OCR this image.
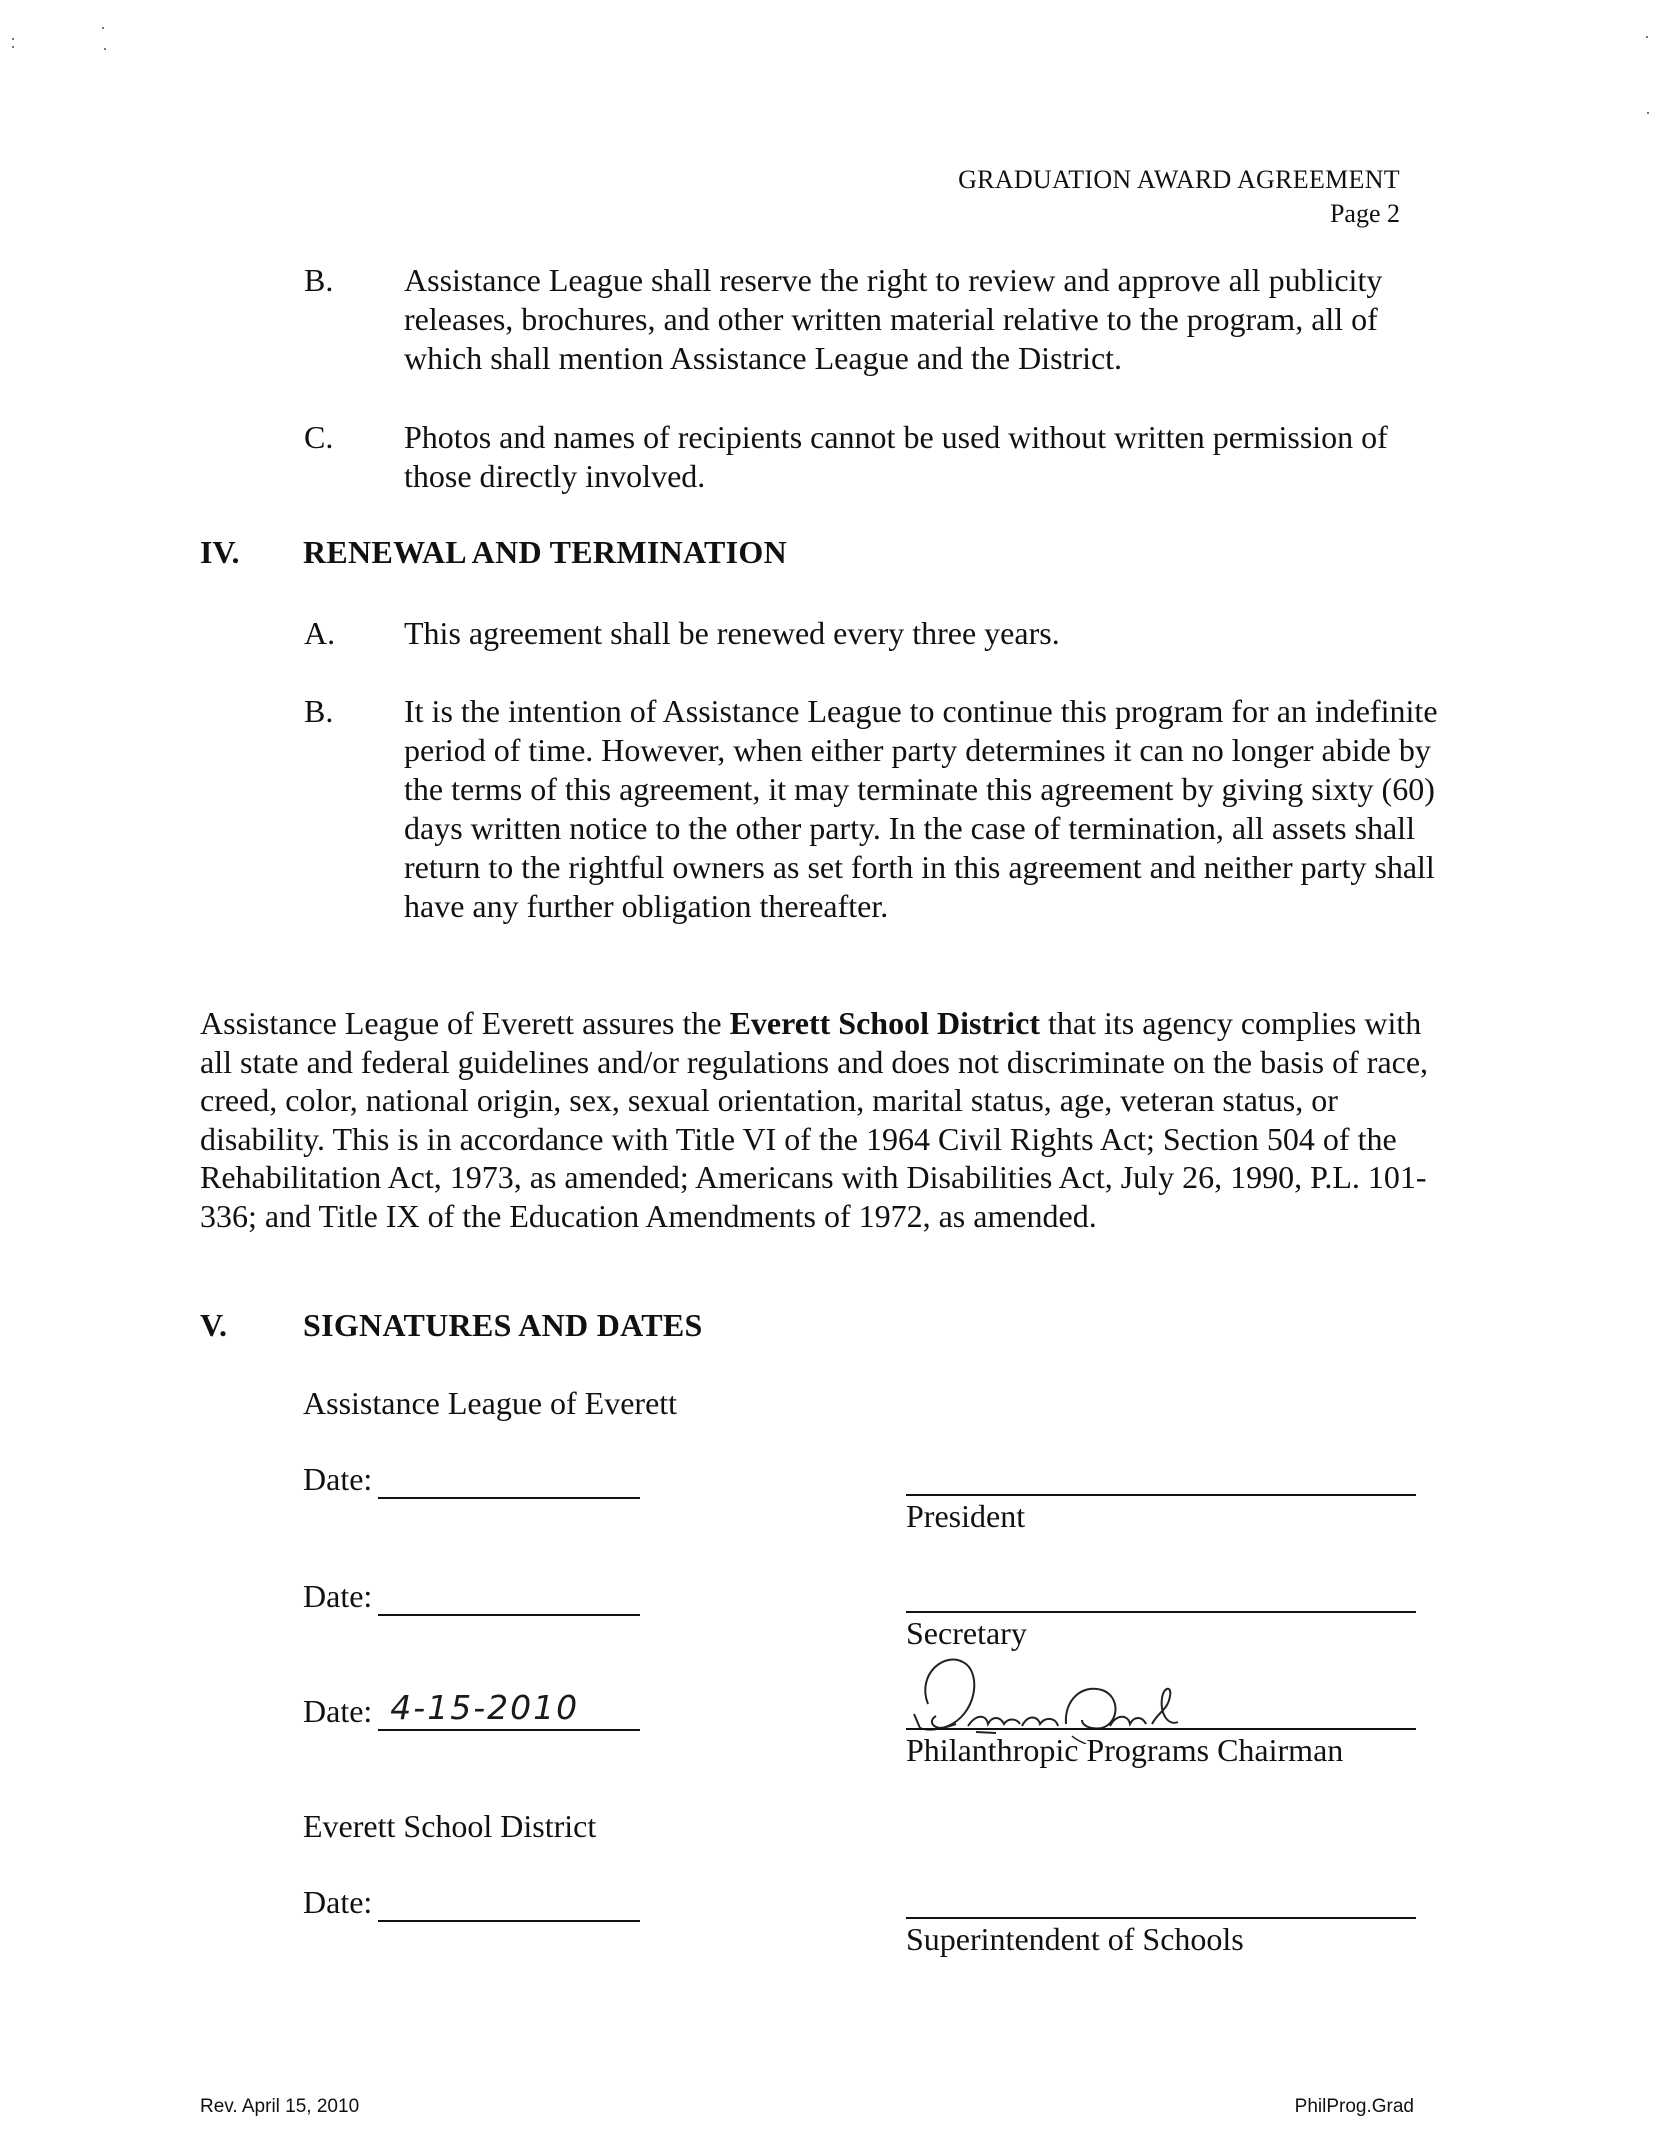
GRADUATION AWARD AGREEMENT
Page 2
B. Assistance League shall reserve the right to review and approve all publicity releases, brochures, and other written material relative to the program, all of which shall mention Assistance League and the District.
C. Photos and names of recipients cannot be used without written permission of those directly involved.
IV. RENEWAL AND TERMINATION
A. This agreement shall be renewed every three years.
B. It is the intention of Assistance League to continue this program for an indefinite period of time. However, when either party determines it can no longer abide by the terms of this agreement, it may terminate this agreement by giving sixty (60) days written notice to the other party. In the case of termination, all assets shall return to the rightful owners as set forth in this agreement and neither party shall have any further obligation thereafter.
Assistance League of Everett assures the Everett School District that its agency complies with all state and federal guidelines and/or regulations and does not discriminate on the basis of race, creed, color, national origin, sex, sexual orientation, marital status, age, veteran status, or disability. This is in accordance with Title VI of the 1964 Civil Rights Act; Section 504 of the Rehabilitation Act, 1973, as amended; Americans with Disabilities Act, July 26, 1990, P.L. 101-336; and Title IX of the Education Amendments of 1972, as amended.
V. SIGNATURES AND DATES
Assistance League of Everett
Date:
President
Date:
Secretary
Date: 4-15-2010
Philanthropic Programs Chairman
Everett School District
Date:
Superintendent of Schools
Rev. April 15, 2010	PhilProg.Grad
